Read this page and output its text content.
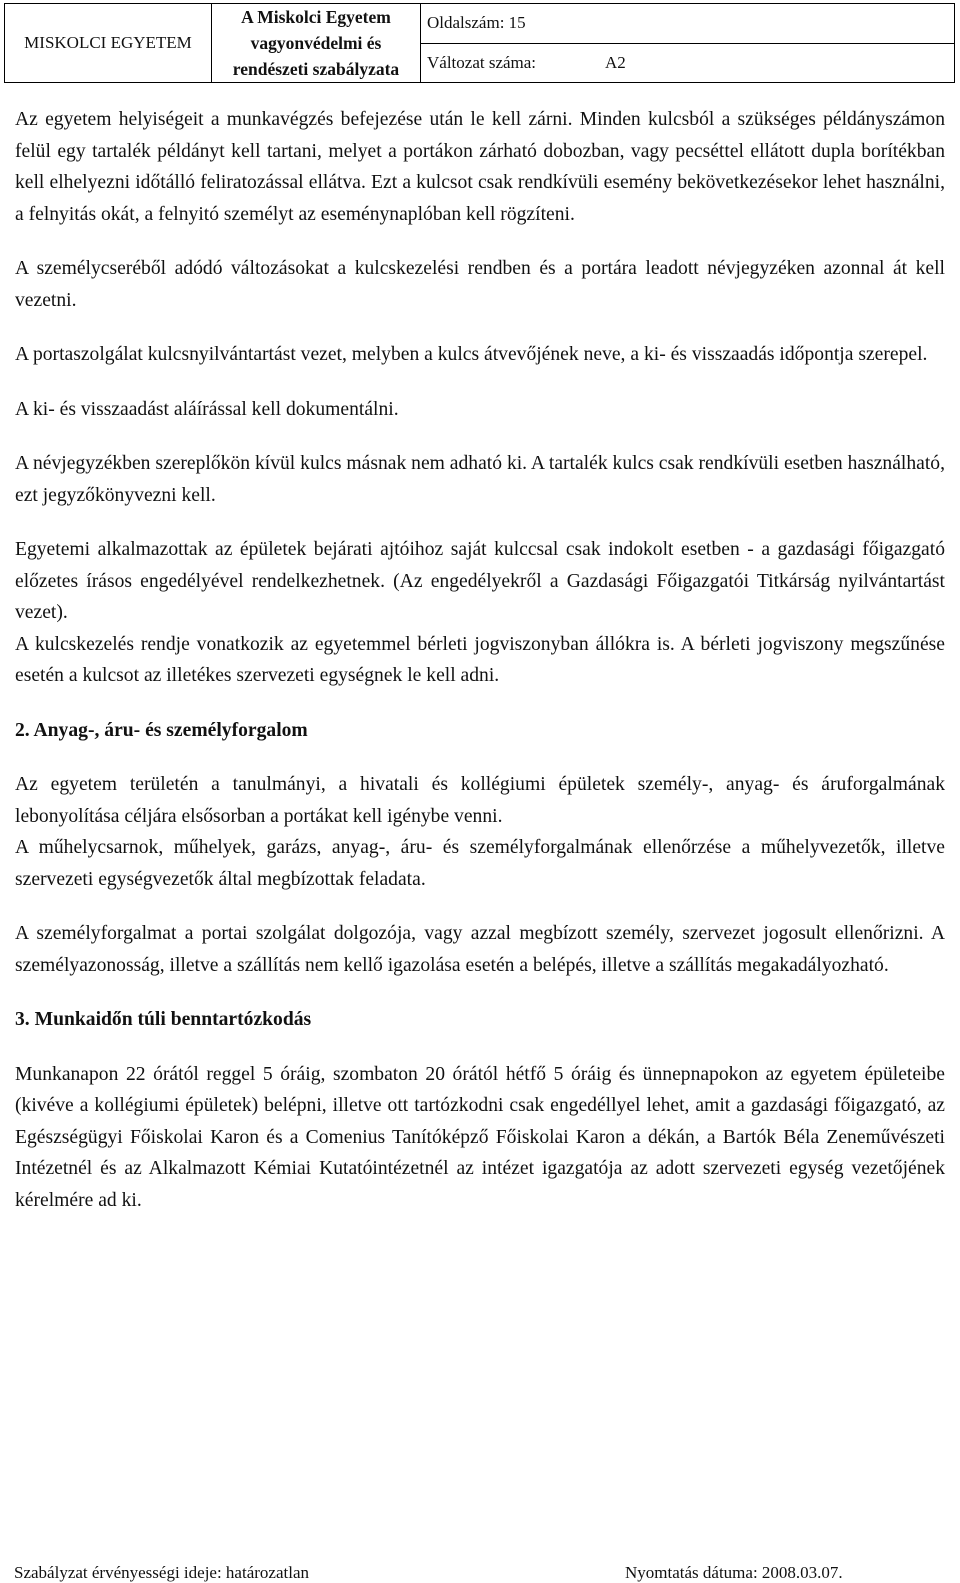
MISKOLCI EGYETEM	A Miskolci Egyetem vagyonvédelmi és rendészeti szabályzata	Oldalszám: 15
Változat száma:	A2

Az egyetem helyiségeit a munkavégzés befejezése után le kell zárni. Minden kulcsból a szükséges példányszámon felül egy tartalék példányt kell tartani, melyet a portákon zárható dobozban, vagy pecséttel ellátott dupla borítékban kell elhelyezni időtálló feliratozással ellátva. Ezt a kulcsot csak rendkívüli esemény bekövetkezésekor lehet használni, a felnyitás okát, a felnyitó személyt az eseménynaplóban kell rögzíteni.

A személycseréből adódó változásokat a kulcskezelési rendben és a portára leadott névjegyzéken azonnal át kell vezetni.

A portaszolgálat kulcsnyilvántartást vezet, melyben a kulcs átvevőjének neve, a ki- és visszaadás időpontja szerepel.

A ki- és visszaadást aláírással kell dokumentálni.

A névjegyzékben szereplőkön kívül kulcs másnak nem adható ki. A tartalék kulcs csak rendkívüli esetben használható, ezt jegyzőkönyvezni kell.

Egyetemi alkalmazottak az épületek bejárati ajtóihoz saját kulccsal csak indokolt esetben - a gazdasági főigazgató előzetes írásos engedélyével rendelkezhetnek. (Az engedélyekről a Gazdasági Főigazgatói Titkárság nyilvántartást vezet).

A kulcskezelés rendje vonatkozik az egyetemmel bérleti jogviszonyban állókra is. A bérleti jogviszony megszűnése esetén a kulcsot az illetékes szervezeti egységnek le kell adni.

2. Anyag-, áru- és személyforgalom

Az egyetem területén a tanulmányi, a hivatali és kollégiumi épületek személy-, anyag- és áruforgalmának lebonyolítása céljára elsősorban a portákat kell igénybe venni.

A műhelycsarnok, műhelyek, garázs, anyag-, áru- és személyforgalmának ellenőrzése a műhelyvezetők, illetve szervezeti egységvezetők által megbízottak feladata.

A személyforgalmat a portai szolgálat dolgozója, vagy azzal megbízott személy, szervezet jogosult ellenőrizni. A személyazonosság, illetve a szállítás nem kellő igazolása esetén a belépés, illetve a szállítás megakadályozható.

3. Munkaidőn túli benntartózkodás

Munkanapon 22 órától reggel 5 óráig, szombaton 20 órától hétfő 5 óráig és ünnepnapokon az egyetem épületeibe (kivéve a kollégiumi épületek) belépni, illetve ott tartózkodni csak engedéllyel lehet, amit a gazdasági főigazgató, az Egészségügyi Főiskolai Karon és a Comenius Tanítóképző Főiskolai Karon a dékán, a Bartók Béla Zeneművészeti Intézetnél és az Alkalmazott Kémiai Kutatóintézetnél az intézet igazgatója az adott szervezeti egység vezetőjének kérelmére ad ki.

Szabályzat érvényességi ideje: határozatlan	Nyomtatás dátuma: 2008.03.07.
